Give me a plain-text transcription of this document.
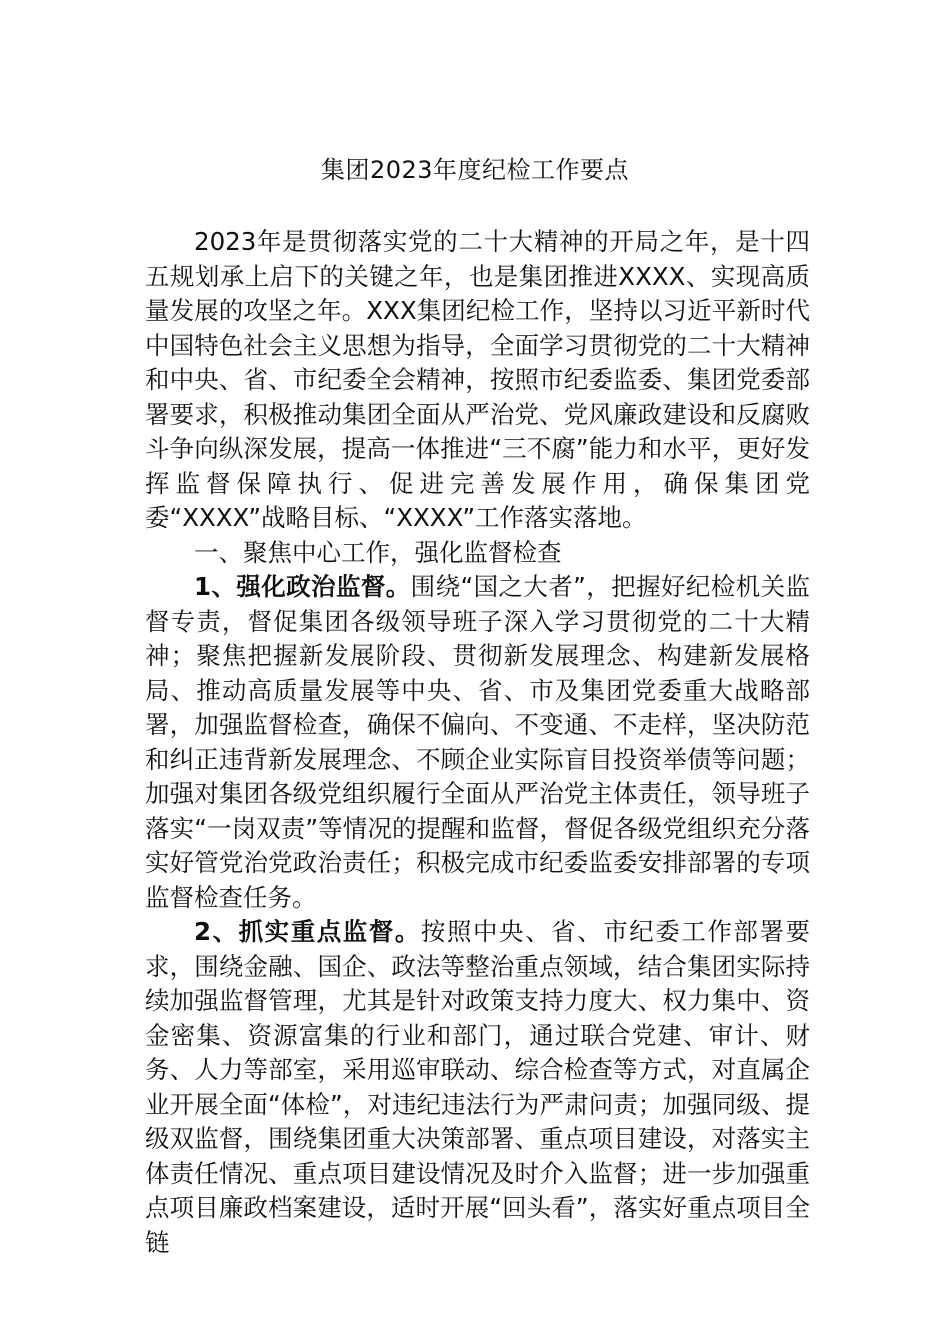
集团2023年度纪检工作要点

2023年是贯彻落实党的二十大精神的开局之年，是十四五规划承上启下的关键之年，也是集团推进XXXX、实现高质量发展的攻坚之年。XXX集团纪检工作，坚持以习近平新时代中国特色社会主义思想为指导，全面学习贯彻党的二十大精神和中央、省、市纪委全会精神，按照市纪委监委、集团党委部署要求，积极推动集团全面从严治党、党风廉政建设和反腐败斗争向纵深发展，提高一体推进“三不腐”能力和水平，更好发挥监督保障执行、促进完善发展作用，确保集团党委“XXXX”战略目标、“XXXX”工作落实落地。

一、聚焦中心工作，强化监督检查

1、强化政治监督。围绕“国之大者”，把握好纪检机关监督专责，督促集团各级领导班子深入学习贯彻党的二十大精神；聚焦把握新发展阶段、贯彻新发展理念、构建新发展格局、推动高质量发展等中央、省、市及集团党委重大战略部署，加强监督检查，确保不偏向、不变通、不走样，坚决防范和纠正违背新发展理念、不顾企业实际盲目投资举债等问题；加强对集团各级党组织履行全面从严治党主体责任，领导班子落实“一岗双责”等情况的提醒和监督，督促各级党组织充分落实好管党治党政治责任；积极完成市纪委监委安排部署的专项监督检查任务。

2、抓实重点监督。按照中央、省、市纪委工作部署要求，围绕金融、国企、政法等整治重点领域，结合集团实际持续加强监督管理，尤其是针对政策支持力度大、权力集中、资金密集、资源富集的行业和部门，通过联合党建、审计、财务、人力等部室，采用巡审联动、综合检查等方式，对直属企业开展全面“体检”，对违纪违法行为严肃问责；加强同级、提级双监督，围绕集团重大决策部署、重点项目建设，对落实主体责任情况、重点项目建设情况及时介入监督；进一步加强重点项目廉政档案建设，适时开展“回头看”，落实好重点项目全链
